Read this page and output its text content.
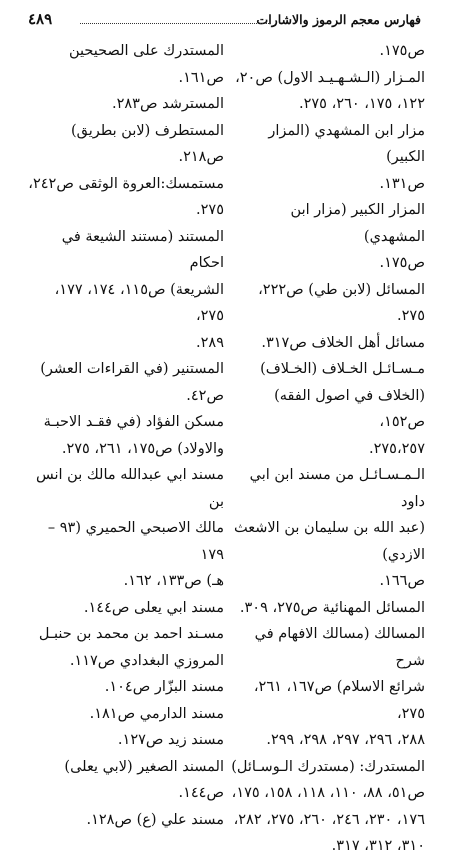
فهارس معجم الرموز والاشارات
٤٨٩
ص١٧٥.
المـزار (الـشـهـيـد الاول) ص٢٠،
١٢٢، ١٧٥، ٢٦٠، ٢٧٥.
مزار ابن المشهدي (المزار الكبير)
ص١٣١.
المزار الكبير (مزار ابن المشهدي)
ص١٧٥.
المسائل (لابن طي) ص٢٢٢،
٢٧٥.
مسائل أهل الخلاف ص٣١٧.
مـسـائـل الخـلاف (الخـلاف)
(الخلاف في اصول الفقه) ص١٥٢،
٢٧٥،٢٥٧.
الـمـسـائـل من مسند ابن ابي داود
(عبد الله بن سليمان بن الاشعث الازدي)
ص١٦٦.
المسائل المهنائية ص٢٧٥، ٣٠٩.
المسالك (مسالك الافهام في شرح
شرائع الاسلام) ص١٦٧، ٢٦١، ٢٧٥،
٢٨٨، ٢٩٦، ٢٩٧، ٢٩٨، ٢٩٩.
المستدرك: (مستدرك الـوسـائل)
ص٥١، ٨٨، ١١٠، ١١٨، ١٥٨، ١٧٥،
١٧٦، ٢٣٠، ٢٤٦، ٢٦٠، ٢٧٥، ٢٨٢،
٣١٠، ٣١٢، ٣١٧.
المستدرك على الصحيحين ص١٦١.
المسترشد ص٢٨٣.
المستطرف (لابن بطريق) ص٢١٨.
مستمسك:العروة الوثقى ص٢٤٢،
٢٧٥.
المستند (مستند الشيعة في احكام
الشريعة) ص١١٥، ١٧٤، ١٧٧، ٢٧٥،
٢٨٩.
المستنير (في القراءات العشر)
ص٤٢.
مسكن الفؤاد (في فقـد الاحبـة
والاولاد) ص١٧٥، ٢٦١، ٢٧٥.
مسند ابي عبدالله مالك بن انس بن
مالك الاصبحي الحميري (٩٣ – ١٧٩
هـ) ص١٣٣، ١٦٢.
مسند ابي يعلى ص١٤٤.
مسـند احمد بن محمد بن حنبـل
المروزي البغدادي ص١١٧.
مسند البزّار ص١٠٤.
مسند الدارمي ص١٨١.
مسند زيد ص١٢٧.
المسند الصغير (لابي يعلى)
ص١٤٤.
مسند علي (ع) ص١٢٨.
